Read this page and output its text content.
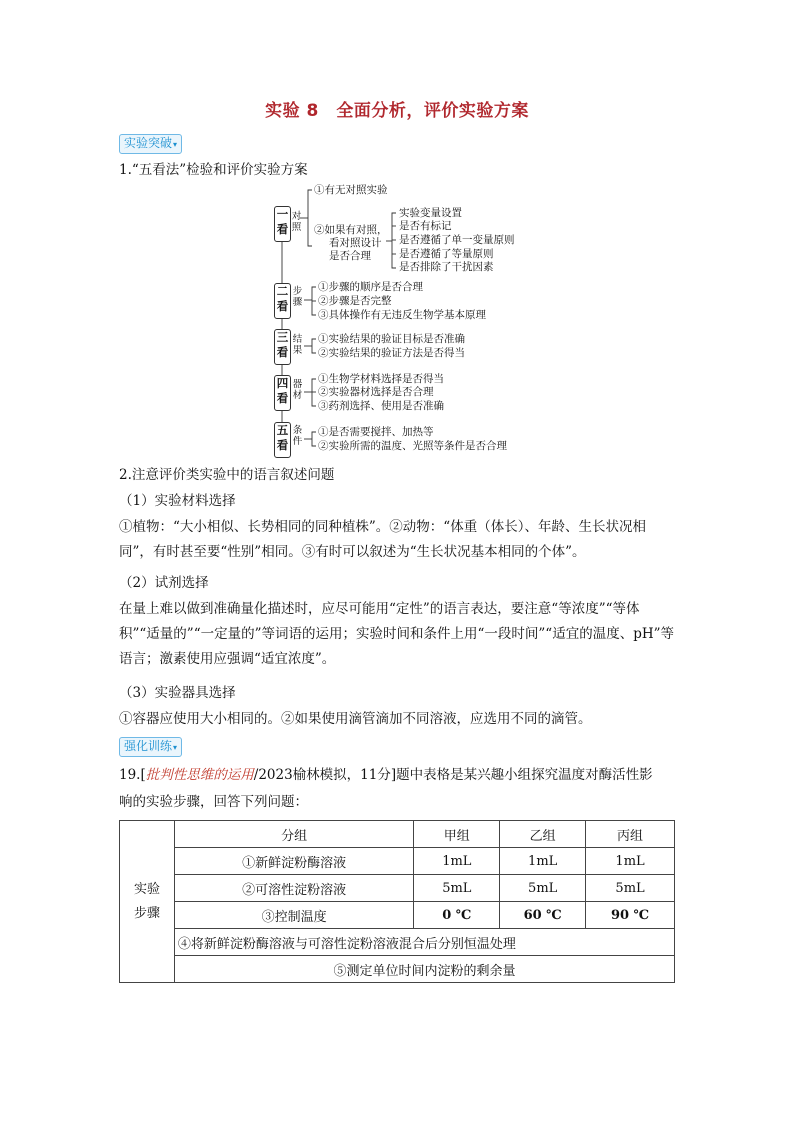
实验 8　全面分析，评价实验方案
实验突破▾
1.“五看法”检验和评价实验方案
一看
对照
①有无对照实验
②如果有对照，
看对照设计
是否合理
实验变量设置
是否有标记
是否遵循了单一变量原则
是否遵循了等量原则
是否排除了干扰因素
二看
步骤
①步骤的顺序是否合理
②步骤是否完整
③具体操作有无违反生物学基本原理
三看
结果
①实验结果的验证目标是否准确
②实验结果的验证方法是否得当
四看
器材
①生物学材料选择是否得当
②实验器材选择是否合理
③药剂选择、使用是否准确
五看
条件
①是否需要搅拌、加热等
②实验所需的温度、光照等条件是否合理
2.注意评价类实验中的语言叙述问题
（1）实验材料选择
①植物：“大小相似、长势相同的同种植株”。②动物：“体重（体长）、年龄、生长状况相同”，有时甚至要“性别”相同。③有时可以叙述为“生长状况基本相同的个体”。
（2）试剂选择
在量上难以做到准确量化描述时，应尽可能用“定性”的语言表达，要注意“等浓度”“等体积”“适量的”“一定量的”等词语的运用；实验时间和条件上用“一段时间”“适宜的温度、pH”等语言；激素使用应强调“适宜浓度”。
（3）实验器具选择
①容器应使用大小相同的。②如果使用滴管滴加不同溶液，应选用不同的滴管。
强化训练▾
19.[批判性思维的运用/2023榆林模拟，11分]题中表格是某兴趣小组探究温度对酶活性影
响的实验步骤，回答下列问题：
实验
步骤	分组	甲组	乙组	丙组
	①新鲜淀粉酶溶液	1mL	1mL	1mL
	②可溶性淀粉溶液	5mL	5mL	5mL
	③控制温度	0 ℃	60 ℃	90 ℃
	④将新鲜淀粉酶溶液与可溶性淀粉溶液混合后分别恒温处理			
	⑤测定单位时间内淀粉的剩余量			
